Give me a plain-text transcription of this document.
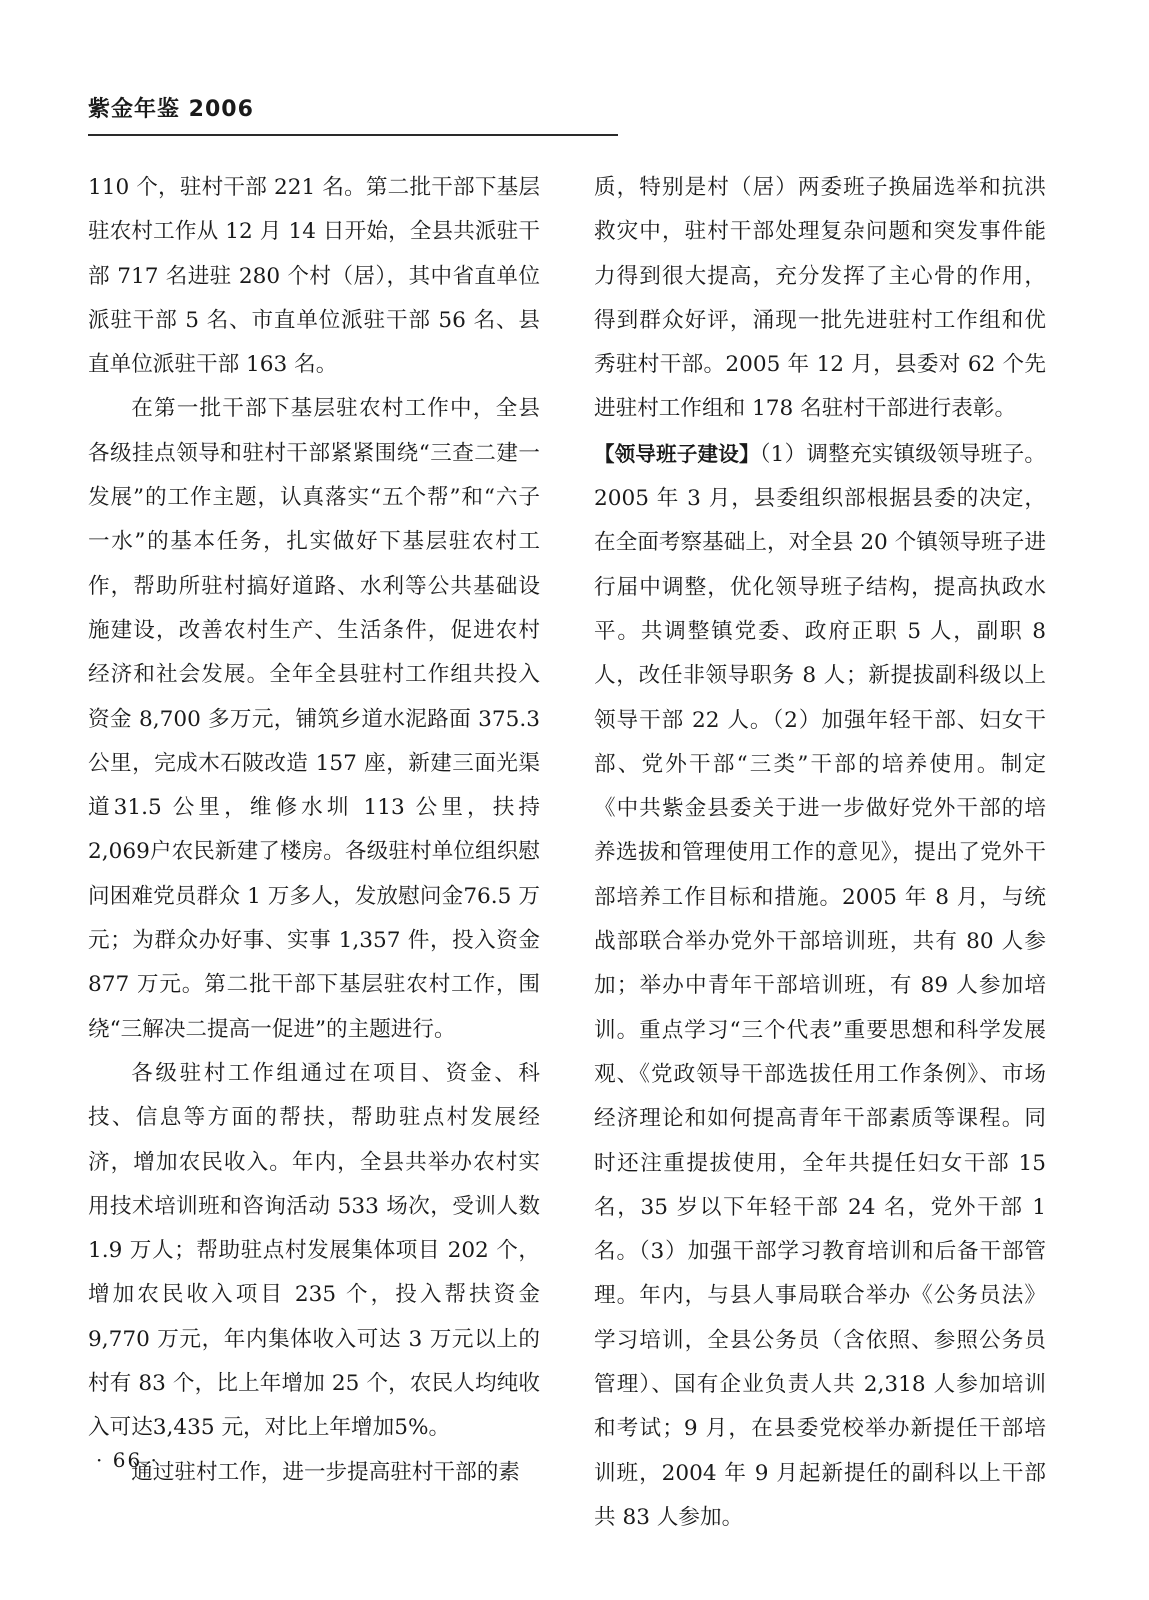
紫金年鉴 2006

110 个，驻村干部 221 名。第二批干部下基层驻农村工作从 12 月 14 日开始，全县共派驻干部 717 名进驻 280 个村（居），其中省直单位派驻干部 5 名、市直单位派驻干部 56 名、县直单位派驻干部 163 名。

在第一批干部下基层驻农村工作中，全县各级挂点领导和驻村干部紧紧围绕“三查二建一发展”的工作主题，认真落实“五个帮”和“六子一水”的基本任务，扎实做好下基层驻农村工作，帮助所驻村搞好道路、水利等公共基础设施建设，改善农村生产、生活条件，促进农村经济和社会发展。全年全县驻村工作组共投入资金 8,700 多万元，铺筑乡道水泥路面 375.3公里，完成木石陂改造 157 座，新建三面光渠道31.5 公里，维修水圳 113 公里，扶持 2,069户农民新建了楼房。各级驻村单位组织慰问困难党员群众 1 万多人，发放慰问金76.5 万元；为群众办好事、实事 1,357 件，投入资金 877 万元。第二批干部下基层驻农村工作，围绕“三解决二提高一促进”的主题进行。

各级驻村工作组通过在项目、资金、科技、信息等方面的帮扶，帮助驻点村发展经济，增加农民收入。年内，全县共举办农村实用技术培训班和咨询活动 533 场次，受训人数 1.9 万人；帮助驻点村发展集体项目 202 个，增加农民收入项目 235 个，投入帮扶资金 9,770 万元，年内集体收入可达 3 万元以上的村有 83 个，比上年增加 25 个，农民人均纯收入可达3,435 元，对比上年增加5%。

通过驻村工作，进一步提高驻村干部的素

质，特别是村（居）两委班子换届选举和抗洪救灾中，驻村干部处理复杂问题和突发事件能力得到很大提高，充分发挥了主心骨的作用，得到群众好评，涌现一批先进驻村工作组和优秀驻村干部。2005 年 12 月，县委对 62 个先进驻村工作组和 178 名驻村干部进行表彰。

【领导班子建设】（1）调整充实镇级领导班子。2005 年 3 月，县委组织部根据县委的决定，在全面考察基础上，对全县 20 个镇领导班子进行届中调整，优化领导班子结构，提高执政水平。共调整镇党委、政府正职 5 人，副职 8 人，改任非领导职务 8 人；新提拔副科级以上领导干部 22 人。（2）加强年轻干部、妇女干部、党外干部“三类”干部的培养使用。制定《中共紫金县委关于进一步做好党外干部的培养选拔和管理使用工作的意见》，提出了党外干部培养工作目标和措施。2005 年 8 月，与统战部联合举办党外干部培训班，共有 80 人参加；举办中青年干部培训班，有 89 人参加培训。重点学习“三个代表”重要思想和科学发展观、《党政领导干部选拔任用工作条例》、市场经济理论和如何提高青年干部素质等课程。同时还注重提拔使用，全年共提任妇女干部 15 名，35 岁以下年轻干部 24 名，党外干部 1 名。（3）加强干部学习教育培训和后备干部管理。年内，与县人事局联合举办《公务员法》学习培训，全县公务员（含依照、参照公务员管理）、国有企业负责人共 2,318 人参加培训和考试；9 月，在县委党校举办新提任干部培训班，2004 年 9 月起新提任的副科以上干部共 83 人参加。

· 66 ·
